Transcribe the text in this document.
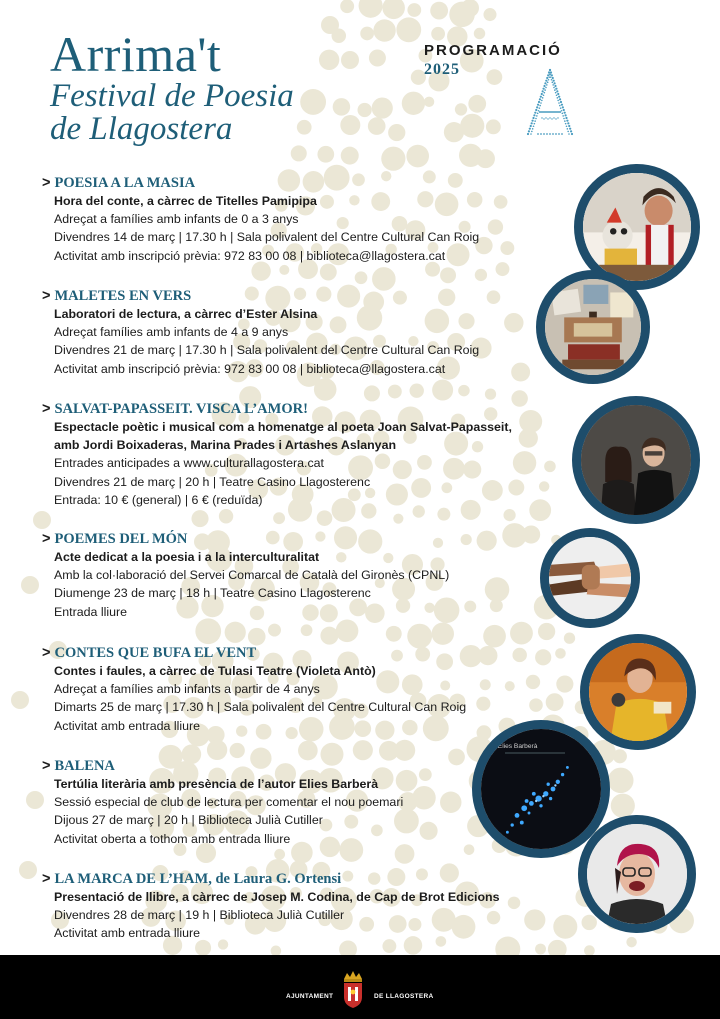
Arrima't
Festival de Poesia
de Llagostera
PROGRAMACIÓ
2025
> POESIA A LA MASIA
Hora del conte, a càrrec de Titelles Pamipipa
Adreçat a famílies amb infants de 0 a 3 anys
Divendres 14 de març | 17.30 h | Sala polivalent del Centre Cultural Can Roig
Activitat amb inscripció prèvia: 972 83 00 08 | biblioteca@llagostera.cat
> MALETES EN VERS
Laboratori de lectura, a càrrec d’Ester Alsina
Adreçat famílies amb infants de 4 a 9 anys
Divendres 21 de març | 17.30 h | Sala polivalent del Centre Cultural Can Roig
Activitat amb inscripció prèvia: 972 83 00 08 | biblioteca@llagostera.cat
> SALVAT-PAPASSEIT. VISCA L’AMOR!
Espectacle poètic i musical com a homenatge al poeta Joan Salvat-Papasseit,
amb Jordi Boixaderas, Marina Prades i Artashes Aslanyan
Entrades anticipades a www.culturallagostera.cat
Divendres 21 de març | 20 h | Teatre Casino Llagosterenc
Entrada: 10 € (general) | 6 € (reduïda)
> POEMES DEL MÓN
Acte dedicat a la poesia i a la interculturalitat
Amb la col·laboració del Servei Comarcal de Català del Gironès (CPNL)
Diumenge 23 de març | 18 h | Teatre Casino Llagosterenc
Entrada lliure
> CONTES QUE BUFA EL VENT
Contes i faules, a càrrec de Tulasi Teatre (Violeta Antò)
Adreçat a famílies amb infants a partir de 4 anys
Dimarts 25 de març | 17.30 h | Sala polivalent del Centre Cultural Can Roig
Activitat amb entrada lliure
> BALENA
Tertúlia literària amb presència de l’autor Elies Barberà
Sessió especial de club de lectura per comentar el nou poemari
Dijous 27 de març | 20 h | Biblioteca Julià Cutiller
Activitat oberta a tothom amb entrada lliure
> LA MARCA DE L’HAM, de Laura G. Ortensi
Presentació de llibre, a càrrec de Josep M. Codina, de Cap de Brot Edicions
Divendres 28 de març | 19 h | Biblioteca Julià Cutiller
Activitat amb entrada lliure
Elies Barberà
AJUNTAMENT	DE LLAGOSTERA
